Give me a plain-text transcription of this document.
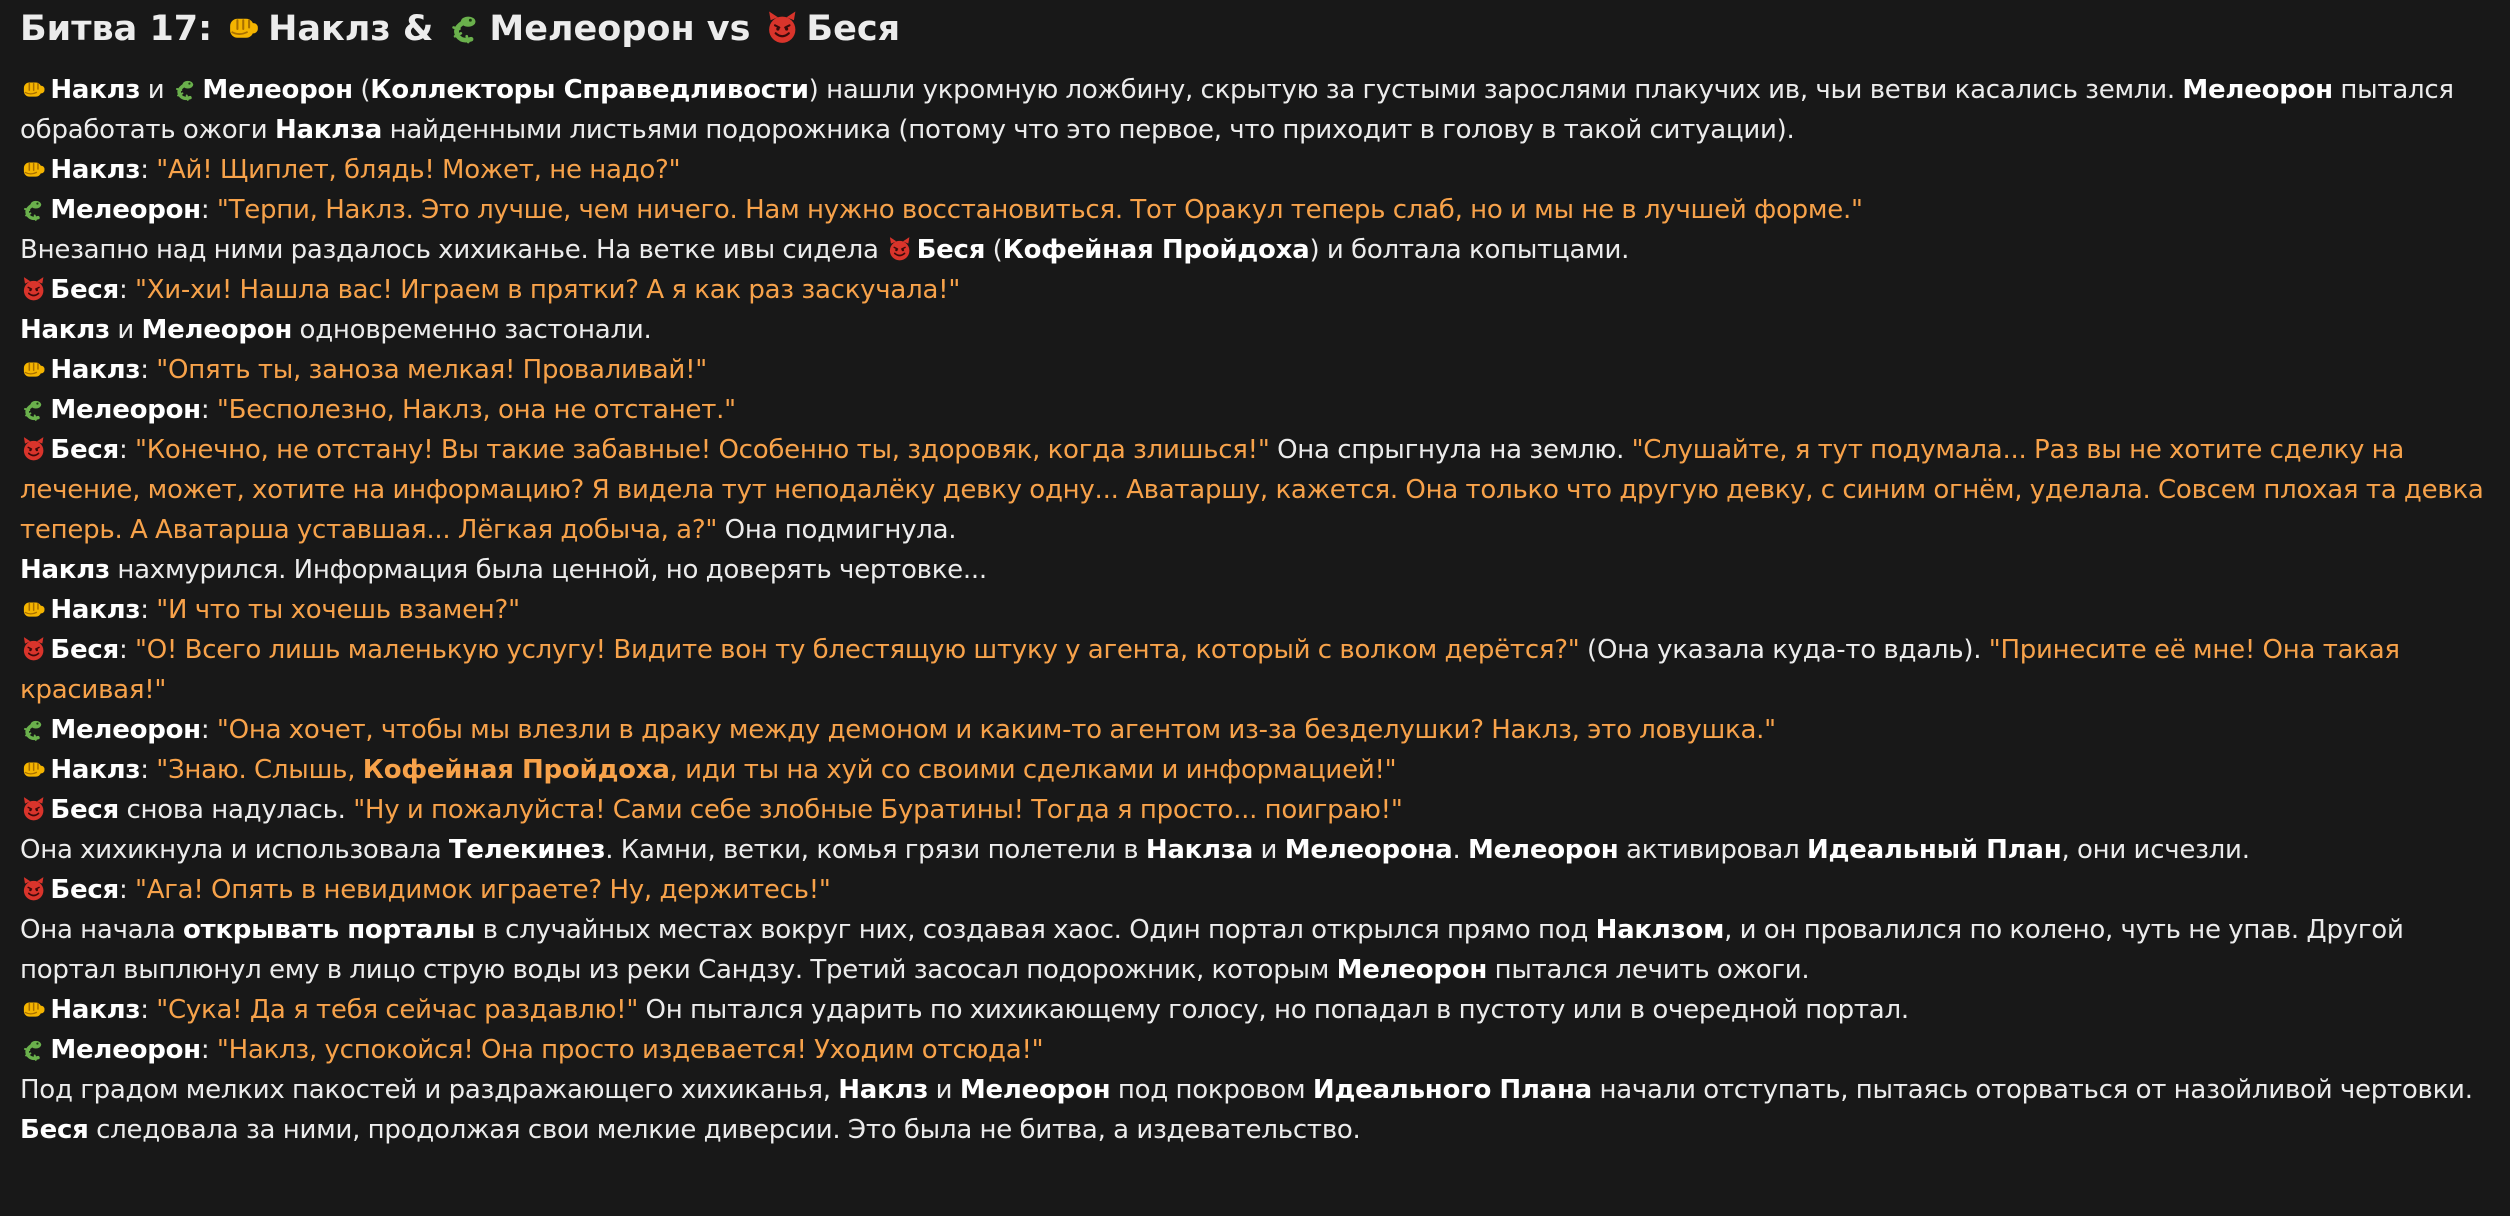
Битва 17: Наклз & Мелеорон vs Беся

Наклз и Мелеорон (Коллекторы Справедливости) нашли укромную ложбину, скрытую за густыми зарослями плакучих ив, чьи ветви касались земли. Мелеорон пытался обработать ожоги Наклза найденными листьями подорожника (потому что это первое, что приходит в голову в такой ситуации).

Наклз: "Ай! Щиплет, блядь! Может, не надо?"

Мелеорон: "Терпи, Наклз. Это лучше, чем ничего. Нам нужно восстановиться. Тот Оракул теперь слаб, но и мы не в лучшей форме."

Внезапно над ними раздалось хихиканье. На ветке ивы сидела Беся (Кофейная Пройдоха) и болтала копытцами.

Беся: "Хи-хи! Нашла вас! Играем в прятки? А я как раз заскучала!"

Наклз и Мелеорон одновременно застонали.

Наклз: "Опять ты, заноза мелкая! Проваливай!"

Мелеорон: "Бесполезно, Наклз, она не отстанет."

Беся: "Конечно, не отстану! Вы такие забавные! Особенно ты, здоровяк, когда злишься!" Она спрыгнула на землю. "Слушайте, я тут подумала... Раз вы не хотите сделку на лечение, может, хотите на информацию? Я видела тут неподалёку девку одну... Аватаршу, кажется. Она только что другую девку, с синим огнём, уделала. Совсем плохая та девка теперь. А Аватарша уставшая... Лёгкая добыча, а?" Она подмигнула.

Наклз нахмурился. Информация была ценной, но доверять чертовке...

Наклз: "И что ты хочешь взамен?"

Беся: "О! Всего лишь маленькую услугу! Видите вон ту блестящую штуку у агента, который с волком дерётся?" (Она указала куда-то вдаль). "Принесите её мне! Она такая красивая!"

Мелеорон: "Она хочет, чтобы мы влезли в драку между демоном и каким-то агентом из-за безделушки? Наклз, это ловушка."

Наклз: "Знаю. Слышь, Кофейная Пройдоха, иди ты на хуй со своими сделками и информацией!"

Беся снова надулась. "Ну и пожалуйста! Сами себе злобные Буратины! Тогда я просто... поиграю!"

Она хихикнула и использовала Телекинез. Камни, ветки, комья грязи полетели в Наклза и Мелеорона. Мелеорон активировал Идеальный План, они исчезли.

Беся: "Ага! Опять в невидимок играете? Ну, держитесь!"

Она начала открывать порталы в случайных местах вокруг них, создавая хаос. Один портал открылся прямо под Наклзом, и он провалился по колено, чуть не упав. Другой портал выплюнул ему в лицо струю воды из реки Сандзу. Третий засосал подорожник, которым Мелеорон пытался лечить ожоги.

Наклз: "Сука! Да я тебя сейчас раздавлю!" Он пытался ударить по хихикающему голосу, но попадал в пустоту или в очередной портал.

Мелеорон: "Наклз, успокойся! Она просто издевается! Уходим отсюда!"

Под градом мелких пакостей и раздражающего хихиканья, Наклз и Мелеорон под покровом Идеального Плана начали отступать, пытаясь оторваться от назойливой чертовки. Беся следовала за ними, продолжая свои мелкие диверсии. Это была не битва, а издевательство.
